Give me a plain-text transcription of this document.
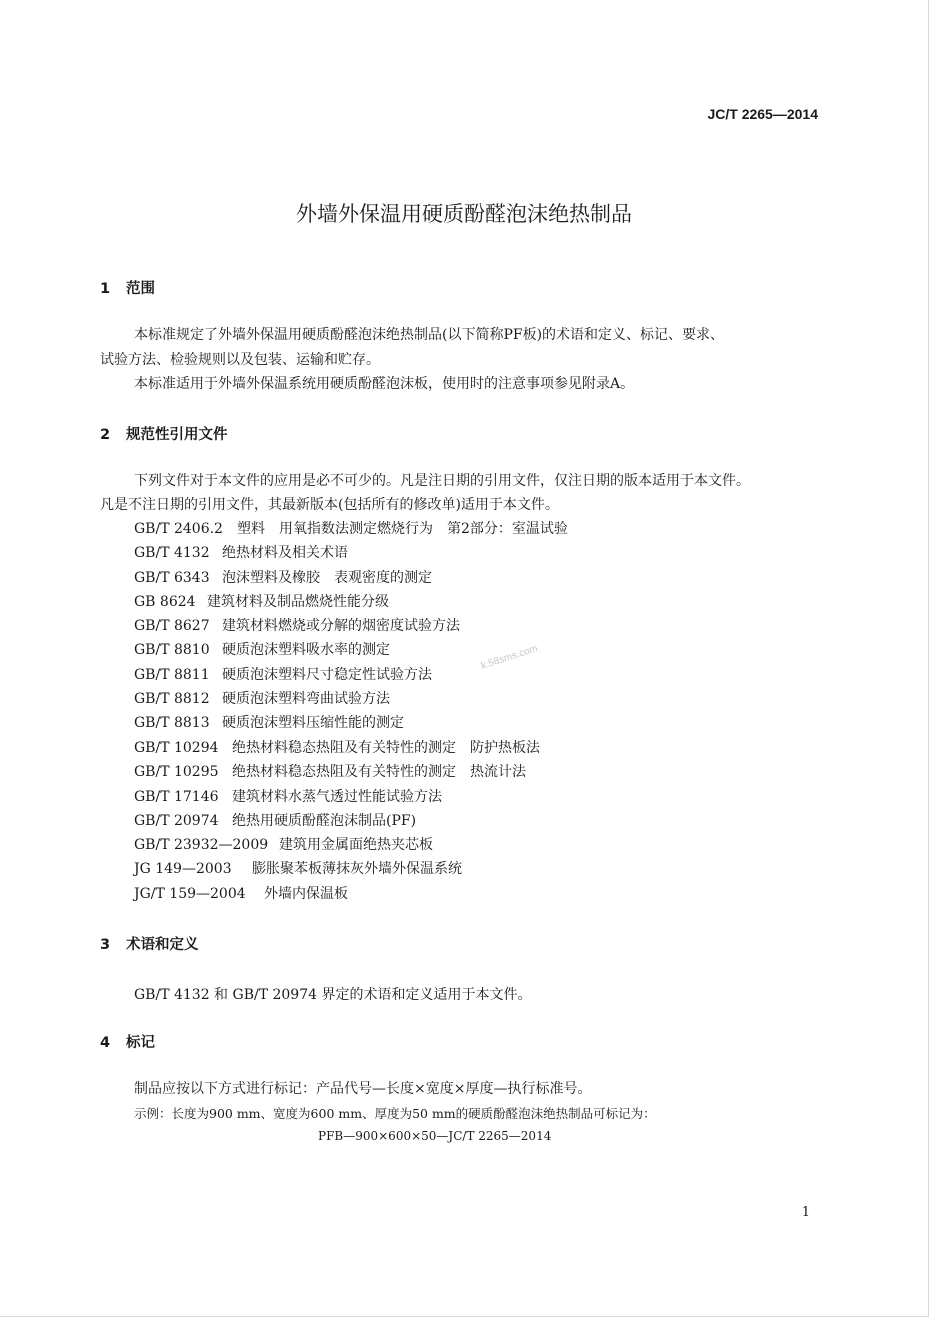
JC/T 2265—2014
外墙外保温用硬质酚醛泡沫绝热制品
1 范围
本标准规定了外墙外保温用硬质酚醛泡沫绝热制品(以下简称PF板)的术语和定义、标记、要求、
试验方法、检验规则以及包装、运输和贮存。
本标准适用于外墙外保温系统用硬质酚醛泡沫板，使用时的注意事项参见附录A。
2 规范性引用文件
下列文件对于本文件的应用是必不可少的。凡是注日期的引用文件，仅注日期的版本适用于本文件。
凡是不注日期的引用文件，其最新版本(包括所有的修改单)适用于本文件。
GB/T 2406.2 塑料　用氧指数法测定燃烧行为　第2部分：室温试验
GB/T 4132 绝热材料及相关术语
GB/T 6343 泡沫塑料及橡胶　表观密度的测定
GB 8624 建筑材料及制品燃烧性能分级
GB/T 8627 建筑材料燃烧或分解的烟密度试验方法
GB/T 8810 硬质泡沫塑料吸水率的测定
GB/T 8811 硬质泡沫塑料尺寸稳定性试验方法
GB/T 8812 硬质泡沫塑料弯曲试验方法
GB/T 8813 硬质泡沫塑料压缩性能的测定
GB/T 10294 绝热材料稳态热阻及有关特性的测定　防护热板法
GB/T 10295 绝热材料稳态热阻及有关特性的测定　热流计法
GB/T 17146 建筑材料水蒸气透过性能试验方法
GB/T 20974 绝热用硬质酚醛泡沫制品(PF)
GB/T 23932—2009 建筑用金属面绝热夹芯板
JG 149—2003 膨胀聚苯板薄抹灰外墙外保温系统
JG/T 159—2004 外墙内保温板
3 术语和定义
GB/T 4132 和 GB/T 20974 界定的术语和定义适用于本文件。
4 标记
制品应按以下方式进行标记：产品代号—长度×宽度×厚度—执行标准号。
示例：长度为900 mm、宽度为600 mm、厚度为50 mm的硬质酚醛泡沫绝热制品可标记为：
PFB—900×600×50—JC/T 2265—2014
k.58sms.com
1
